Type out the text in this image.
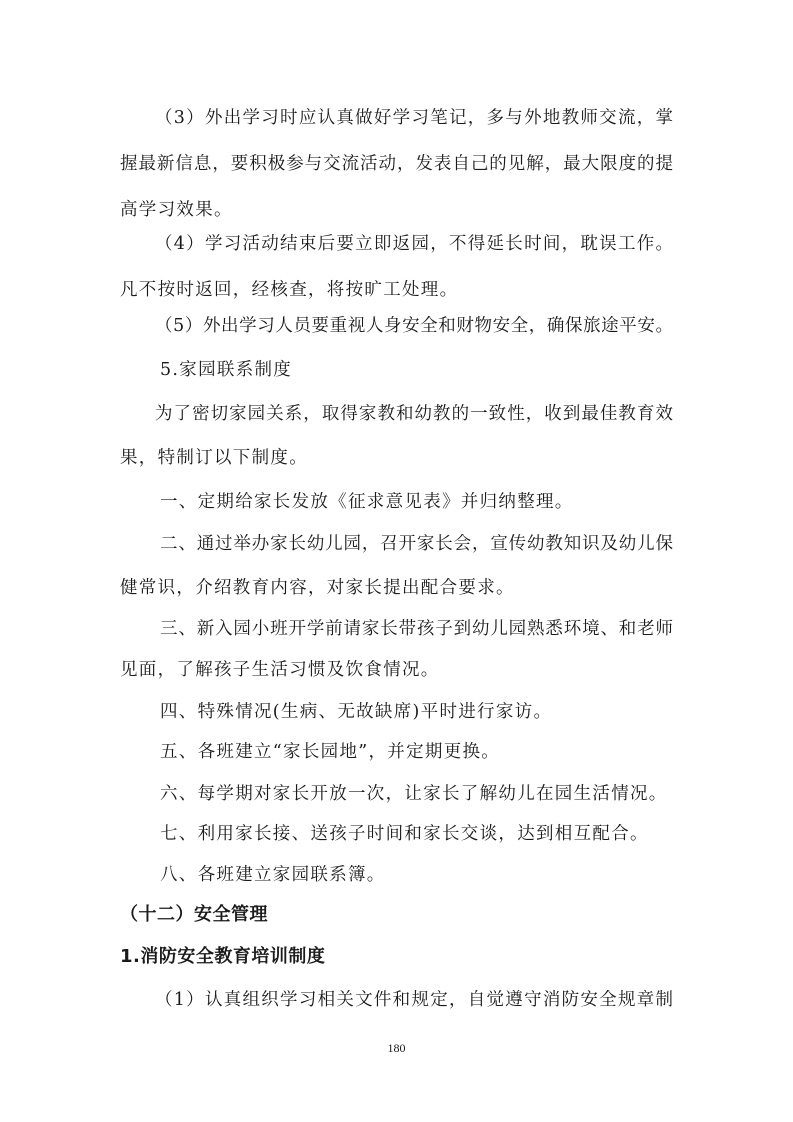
（3）外出学习时应认真做好学习笔记，多与外地教师交流，掌
握最新信息，要积极参与交流活动，发表自己的见解，最大限度的提
高学习效果。
（4）学习活动结束后要立即返园，不得延长时间，耽误工作。
凡不按时返回，经核查，将按旷工处理。
（5）外出学习人员要重视人身安全和财物安全，确保旅途平安。
5.家园联系制度
为了密切家园关系，取得家教和幼教的一致性，收到最佳教育效
果，特制订以下制度。
一、定期给家长发放《征求意见表》并归纳整理。
二、通过举办家长幼儿园，召开家长会，宣传幼教知识及幼儿保
健常识，介绍教育内容，对家长提出配合要求。
三、新入园小班开学前请家长带孩子到幼儿园熟悉环境、和老师
见面，了解孩子生活习惯及饮食情况。
四、特殊情况(生病、无故缺席)平时进行家访。
五、各班建立“家长园地”，并定期更换。
六、每学期对家长开放一次，让家长了解幼儿在园生活情况。
七、利用家长接、送孩子时间和家长交谈，达到相互配合。
八、各班建立家园联系簿。
（十二）安全管理
1.消防安全教育培训制度
（1）认真组织学习相关文件和规定，自觉遵守消防安全规章制
180
